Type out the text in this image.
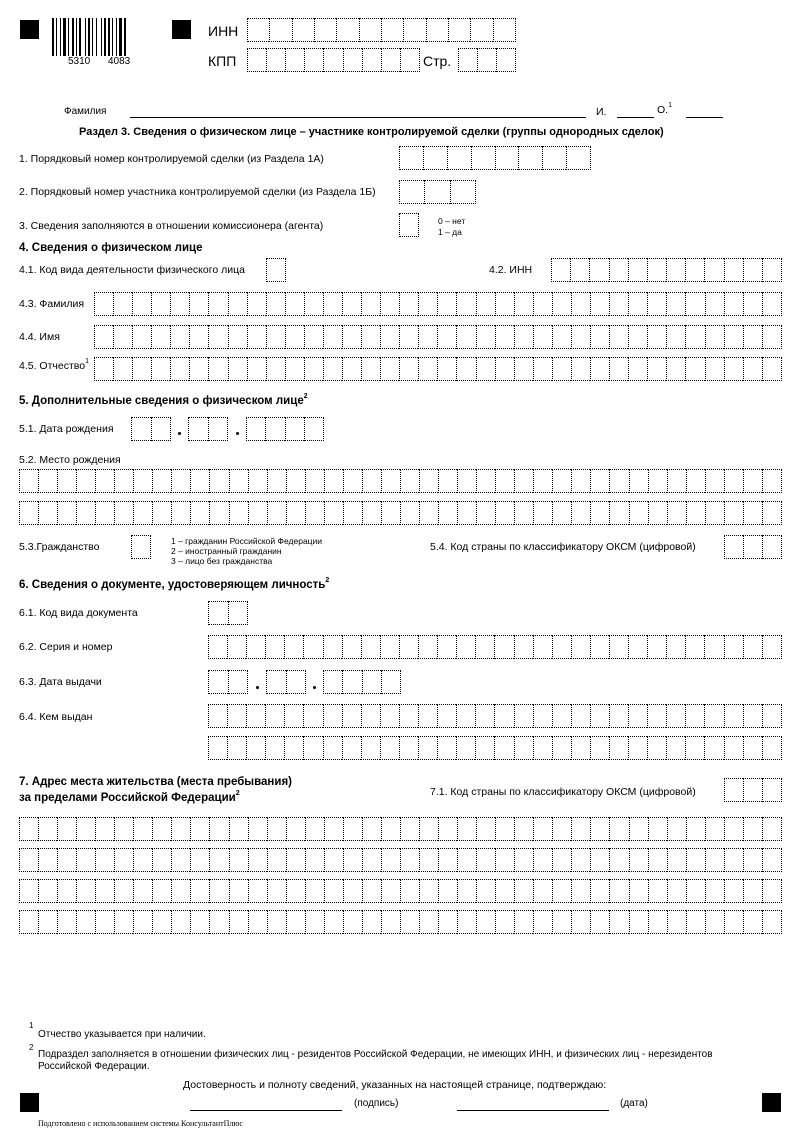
5310 4083
ИНН
КПП	Стр.
Фамилия	И.	О.$^1$
Раздел 3. Сведения о физическом лице – участнике контролируемой сделки (группы однородных сделок)
1. Порядковый номер контролируемой сделки (из Раздела 1А)
2. Порядковый номер участника контролируемой сделки (из Раздела 1Б)
3. Сведения заполняются в отношении комиссионера (агента)	0 – нет
1 – да
4. Сведения о физическом лице
4.1. Код вида деятельности физического лица	4.2. ИНН
4.3. Фамилия
4.4. Имя
4.5. Отчество$^1$
5. Дополнительные сведения о физическом лице$^2$
5.1. Дата рождения
5.2. Место рождения
5.3.Гражданство	1 – гражданин Российской Федерации
2 – иностранный гражданин
3 – лицо без гражданства
5.4. Код страны по классификатору ОКСМ (цифровой)
6. Сведения о документе, удостоверяющем личность$^2$
6.1. Код вида документа
6.2. Серия и номер
6.3. Дата выдачи
6.4. Кем выдан
7. Адрес места жительства (места пребывания)
за пределами Российской Федерации$^2$	7.1. Код страны по классификатору ОКСМ (цифровой)
1
Отчество указывается при наличии.
2
Подраздел заполняется в отношении физических лиц - резидентов Российской Федерации, не имеющих ИНН, и физических лиц - нерезидентов
Российской Федерации.
Достоверность и полноту сведений, указанных на настоящей странице, подтверждаю:
(подпись)	(дата)
Подготовлено с использованием системы КонсультантПлюс
